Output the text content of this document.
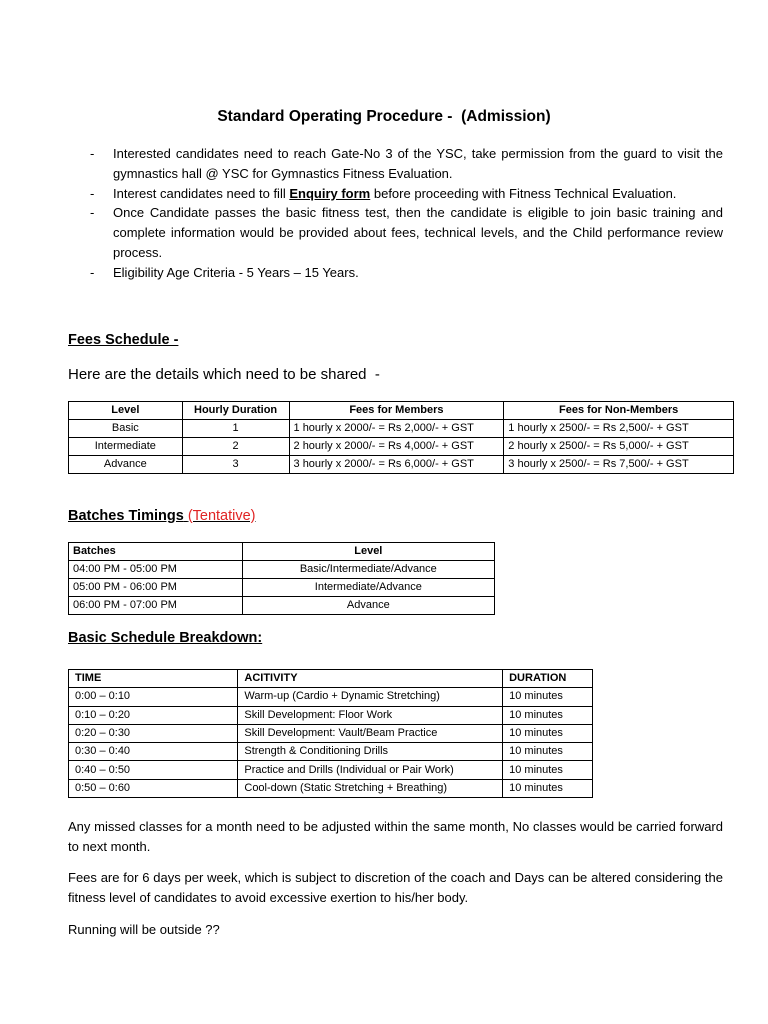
Standard Operating Procedure -  (Admission)
- Interested candidates need to reach Gate-No 3 of the YSC, take permission from the guard to visit the gymnastics hall @ YSC for Gymnastics Fitness Evaluation.
- Interest candidates need to fill Enquiry form before proceeding with Fitness Technical Evaluation.
- Once Candidate passes the basic fitness test, then the candidate is eligible to join basic training and complete information would be provided about fees, technical levels, and the Child performance review process.
- Eligibility Age Criteria - 5 Years – 15 Years.
Fees Schedule -
Here are the details which need to be shared  -
Level	Hourly Duration	Fees for Members	Fees for Non-Members
Basic	1	1 hourly x 2000/- = Rs 2,000/- + GST	1 hourly x 2500/- = Rs 2,500/- + GST
Intermediate	2	2 hourly x 2000/- = Rs 4,000/- + GST	2 hourly x 2500/- = Rs 5,000/- + GST
Advance	3	3 hourly x 2000/- = Rs 6,000/- + GST	3 hourly x 2500/- = Rs 7,500/- + GST
Batches Timings (Tentative)
Batches	Level
04:00 PM - 05:00 PM	Basic/Intermediate/Advance
05:00 PM - 06:00 PM	Intermediate/Advance
06:00 PM - 07:00 PM	Advance
Basic Schedule Breakdown:
TIME	ACITIVITY	DURATION
0:00 – 0:10	Warm-up (Cardio + Dynamic Stretching)	10 minutes
0:10 – 0:20	Skill Development: Floor Work	10 minutes
0:20 – 0:30	Skill Development: Vault/Beam Practice	10 minutes
0:30 – 0:40	Strength & Conditioning Drills	10 minutes
0:40 – 0:50	Practice and Drills (Individual or Pair Work)	10 minutes
0:50 – 0:60	Cool-down (Static Stretching + Breathing)	10 minutes

Any missed classes for a month need to be adjusted within the same month, No classes would be carried forward to next month.

Fees are for 6 days per week, which is subject to discretion of the coach and Days can be altered considering the fitness level of candidates to avoid excessive exertion to his/her body.

Running will be outside ??
